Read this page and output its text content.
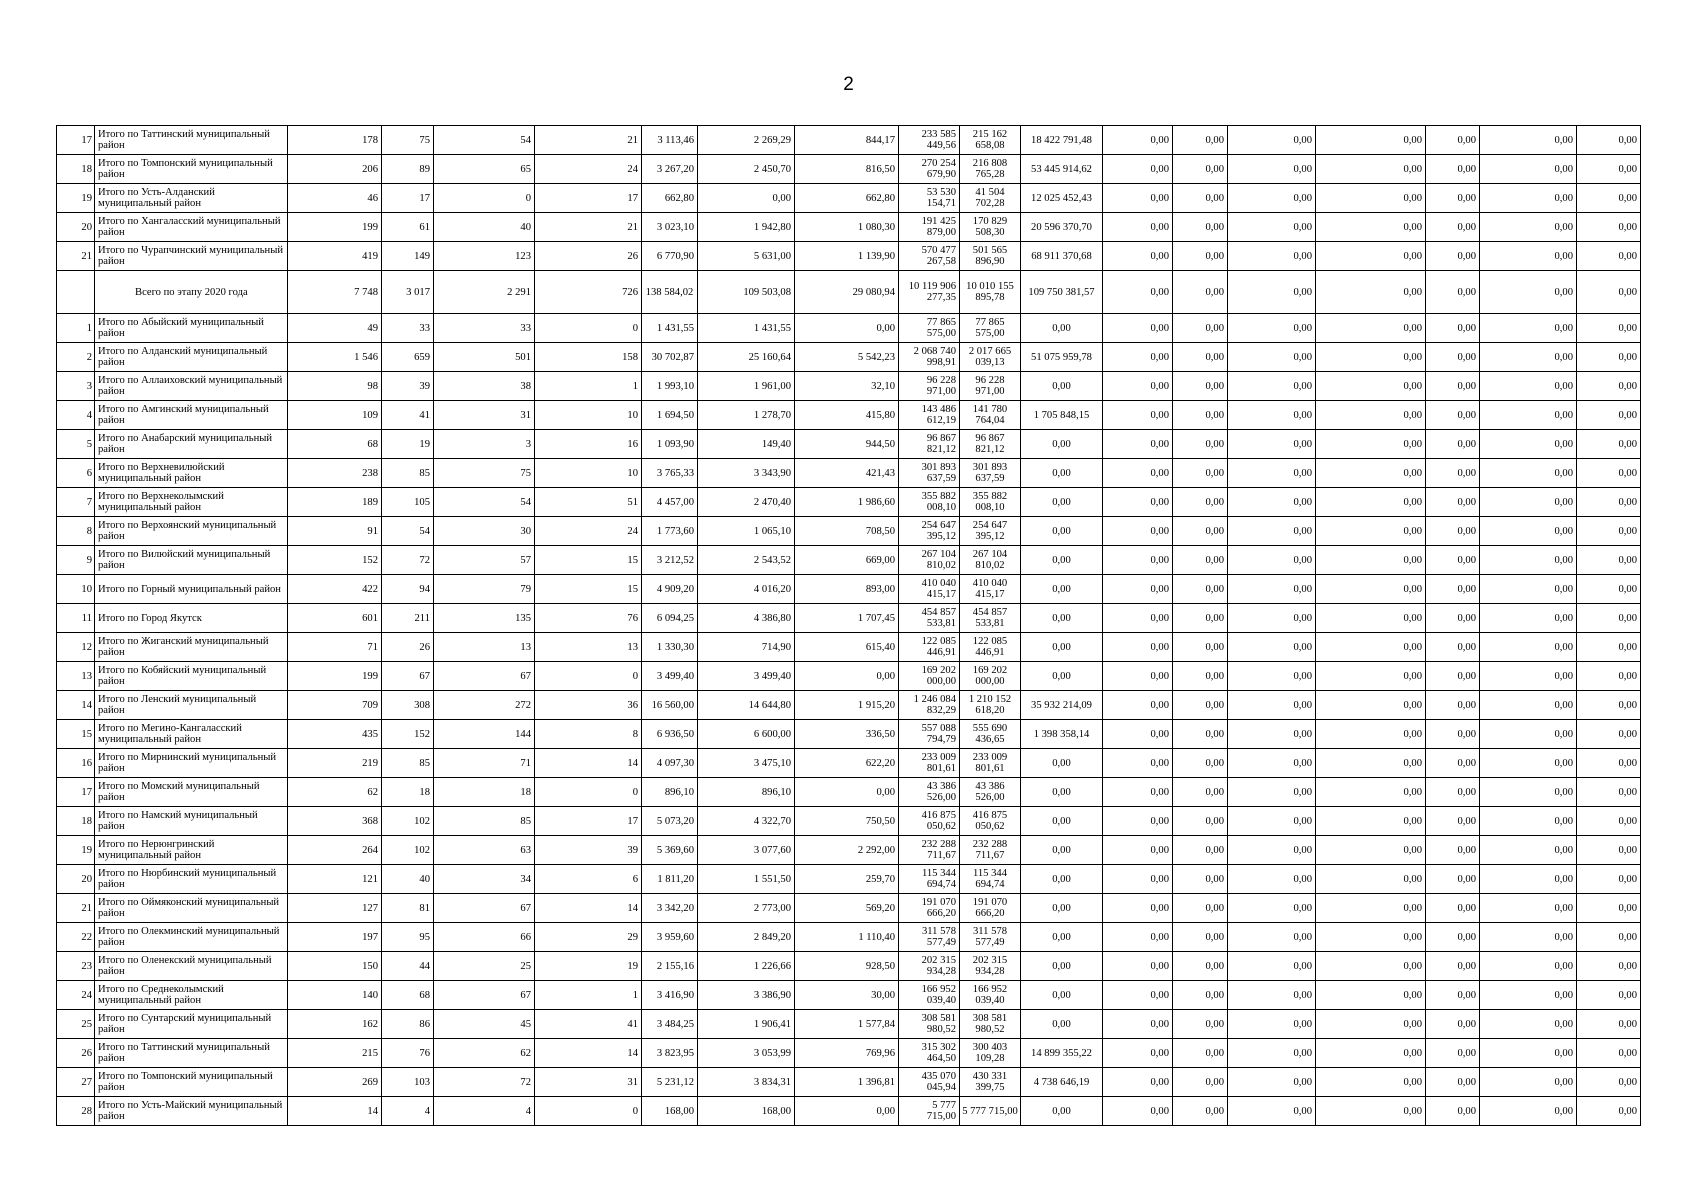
2
17	Итого по Таттинский муниципальный район	178	75	54	21	3 113,46	2 269,29	844,17	233 585 449,56	215 162 658,08	18 422 791,48	0,00	0,00	0,00	0,00	0,00	0,00	0,00
18	Итого по Томпонский муниципальный район	206	89	65	24	3 267,20	2 450,70	816,50	270 254 679,90	216 808 765,28	53 445 914,62	0,00	0,00	0,00	0,00	0,00	0,00	0,00
19	Итого по Усть-Алданский муниципальный район	46	17	0	17	662,80	0,00	662,80	53 530 154,71	41 504 702,28	12 025 452,43	0,00	0,00	0,00	0,00	0,00	0,00	0,00
20	Итого по Хангаласский муниципальный район	199	61	40	21	3 023,10	1 942,80	1 080,30	191 425 879,00	170 829 508,30	20 596 370,70	0,00	0,00	0,00	0,00	0,00	0,00	0,00
21	Итого по Чурапчинский муниципальный район	419	149	123	26	6 770,90	5 631,00	1 139,90	570 477 267,58	501 565 896,90	68 911 370,68	0,00	0,00	0,00	0,00	0,00	0,00	0,00
	Всего по этапу 2020 года	7 748	3 017	2 291	726	138 584,02	109 503,08	29 080,94	10 119 906 277,35	10 010 155 895,78	109 750 381,57	0,00	0,00	0,00	0,00	0,00	0,00	0,00
1	Итого по Абыйский муниципальный район	49	33	33	0	1 431,55	1 431,55	0,00	77 865 575,00	77 865 575,00	0,00	0,00	0,00	0,00	0,00	0,00	0,00	0,00
2	Итого по Алданский муниципальный район	1 546	659	501	158	30 702,87	25 160,64	5 542,23	2 068 740 998,91	2 017 665 039,13	51 075 959,78	0,00	0,00	0,00	0,00	0,00	0,00	0,00
3	Итого по Аллаиховский муниципальный район	98	39	38	1	1 993,10	1 961,00	32,10	96 228 971,00	96 228 971,00	0,00	0,00	0,00	0,00	0,00	0,00	0,00	0,00
4	Итого по Амгинский муниципальный район	109	41	31	10	1 694,50	1 278,70	415,80	143 486 612,19	141 780 764,04	1 705 848,15	0,00	0,00	0,00	0,00	0,00	0,00	0,00
5	Итого по Анабарский муниципальный район	68	19	3	16	1 093,90	149,40	944,50	96 867 821,12	96 867 821,12	0,00	0,00	0,00	0,00	0,00	0,00	0,00	0,00
6	Итого по Верхневилюйский муниципальный район	238	85	75	10	3 765,33	3 343,90	421,43	301 893 637,59	301 893 637,59	0,00	0,00	0,00	0,00	0,00	0,00	0,00	0,00
7	Итого по Верхнеколымский муниципальный район	189	105	54	51	4 457,00	2 470,40	1 986,60	355 882 008,10	355 882 008,10	0,00	0,00	0,00	0,00	0,00	0,00	0,00	0,00
8	Итого по Верхоянский муниципальный район	91	54	30	24	1 773,60	1 065,10	708,50	254 647 395,12	254 647 395,12	0,00	0,00	0,00	0,00	0,00	0,00	0,00	0,00
9	Итого по Вилюйский муниципальный район	152	72	57	15	3 212,52	2 543,52	669,00	267 104 810,02	267 104 810,02	0,00	0,00	0,00	0,00	0,00	0,00	0,00	0,00
10	Итого по Горный муниципальный район	422	94	79	15	4 909,20	4 016,20	893,00	410 040 415,17	410 040 415,17	0,00	0,00	0,00	0,00	0,00	0,00	0,00	0,00
11	Итого по Город Якутск	601	211	135	76	6 094,25	4 386,80	1 707,45	454 857 533,81	454 857 533,81	0,00	0,00	0,00	0,00	0,00	0,00	0,00	0,00
12	Итого по Жиганский муниципальный район	71	26	13	13	1 330,30	714,90	615,40	122 085 446,91	122 085 446,91	0,00	0,00	0,00	0,00	0,00	0,00	0,00	0,00
13	Итого по Кобяйский муниципальный район	199	67	67	0	3 499,40	3 499,40	0,00	169 202 000,00	169 202 000,00	0,00	0,00	0,00	0,00	0,00	0,00	0,00	0,00
14	Итого по Ленский муниципальный район	709	308	272	36	16 560,00	14 644,80	1 915,20	1 246 084 832,29	1 210 152 618,20	35 932 214,09	0,00	0,00	0,00	0,00	0,00	0,00	0,00
15	Итого по Мегино-Кангаласский муниципальный район	435	152	144	8	6 936,50	6 600,00	336,50	557 088 794,79	555 690 436,65	1 398 358,14	0,00	0,00	0,00	0,00	0,00	0,00	0,00
16	Итого по Мирнинский муниципальный район	219	85	71	14	4 097,30	3 475,10	622,20	233 009 801,61	233 009 801,61	0,00	0,00	0,00	0,00	0,00	0,00	0,00	0,00
17	Итого по Момский муниципальный район	62	18	18	0	896,10	896,10	0,00	43 386 526,00	43 386 526,00	0,00	0,00	0,00	0,00	0,00	0,00	0,00	0,00
18	Итого по Намский муниципальный район	368	102	85	17	5 073,20	4 322,70	750,50	416 875 050,62	416 875 050,62	0,00	0,00	0,00	0,00	0,00	0,00	0,00	0,00
19	Итого по Нерюнгринский муниципальный район	264	102	63	39	5 369,60	3 077,60	2 292,00	232 288 711,67	232 288 711,67	0,00	0,00	0,00	0,00	0,00	0,00	0,00	0,00
20	Итого по Нюрбинский муниципальный район	121	40	34	6	1 811,20	1 551,50	259,70	115 344 694,74	115 344 694,74	0,00	0,00	0,00	0,00	0,00	0,00	0,00	0,00
21	Итого по Оймяконский муниципальный район	127	81	67	14	3 342,20	2 773,00	569,20	191 070 666,20	191 070 666,20	0,00	0,00	0,00	0,00	0,00	0,00	0,00	0,00
22	Итого по Олекминский муниципальный район	197	95	66	29	3 959,60	2 849,20	1 110,40	311 578 577,49	311 578 577,49	0,00	0,00	0,00	0,00	0,00	0,00	0,00	0,00
23	Итого по Оленекский муниципальный район	150	44	25	19	2 155,16	1 226,66	928,50	202 315 934,28	202 315 934,28	0,00	0,00	0,00	0,00	0,00	0,00	0,00	0,00
24	Итого по Среднеколымский муниципальный район	140	68	67	1	3 416,90	3 386,90	30,00	166 952 039,40	166 952 039,40	0,00	0,00	0,00	0,00	0,00	0,00	0,00	0,00
25	Итого по Сунтарский муниципальный район	162	86	45	41	3 484,25	1 906,41	1 577,84	308 581 980,52	308 581 980,52	0,00	0,00	0,00	0,00	0,00	0,00	0,00	0,00
26	Итого по Таттинский муниципальный район	215	76	62	14	3 823,95	3 053,99	769,96	315 302 464,50	300 403 109,28	14 899 355,22	0,00	0,00	0,00	0,00	0,00	0,00	0,00
27	Итого по Томпонский муниципальный район	269	103	72	31	5 231,12	3 834,31	1 396,81	435 070 045,94	430 331 399,75	4 738 646,19	0,00	0,00	0,00	0,00	0,00	0,00	0,00
28	Итого по Усть-Майский муниципальный район	14	4	4	0	168,00	168,00	0,00	5 777 715,00	5 777 715,00	0,00	0,00	0,00	0,00	0,00	0,00	0,00	0,00
